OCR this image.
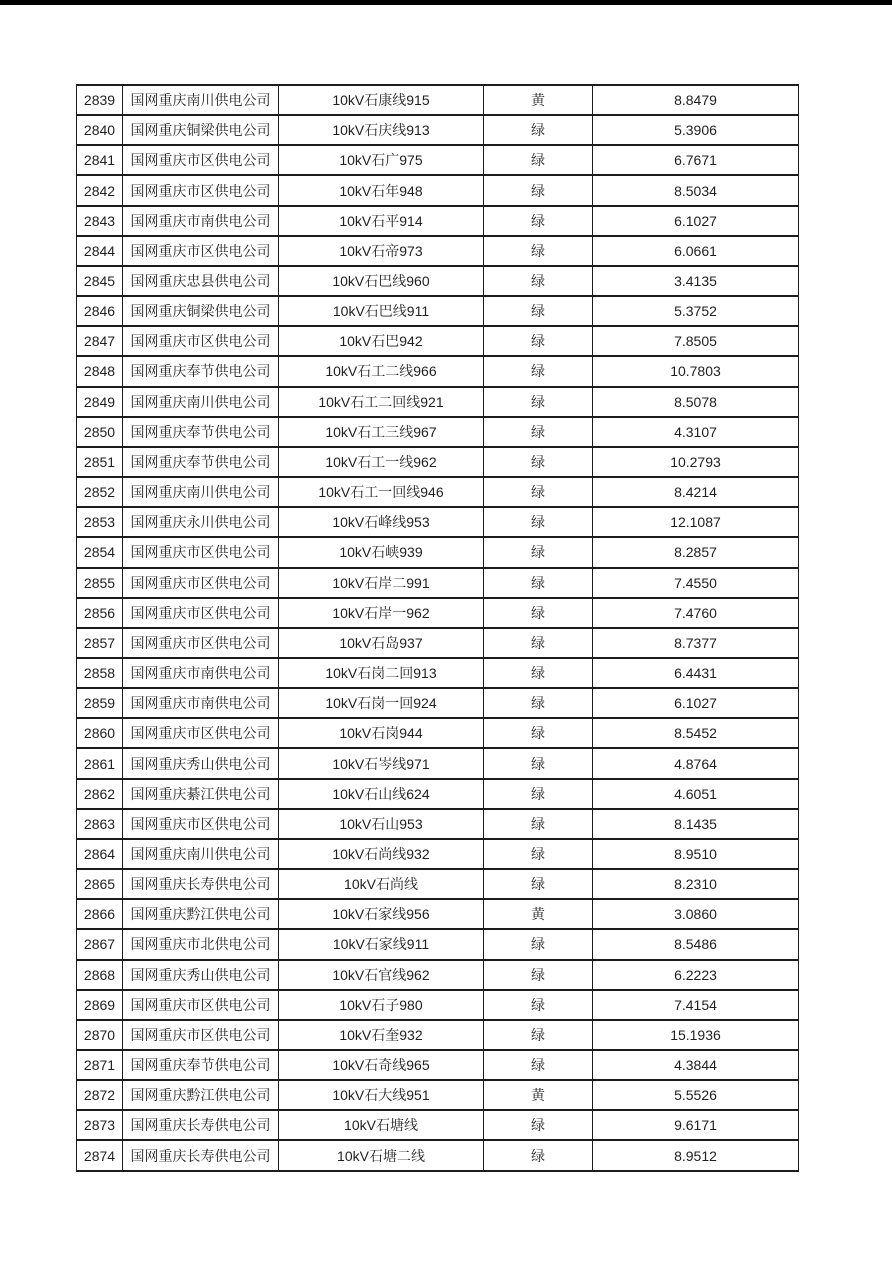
2839	国网重庆南川供电公司	10kV石康线915	黄	8.8479
2840	国网重庆铜梁供电公司	10kV石庆线913	绿	5.3906
2841	国网重庆市区供电公司	10kV石广975	绿	6.7671
2842	国网重庆市区供电公司	10kV石年948	绿	8.5034
2843	国网重庆市南供电公司	10kV石平914	绿	6.1027
2844	国网重庆市区供电公司	10kV石帝973	绿	6.0661
2845	国网重庆忠县供电公司	10kV石巴线960	绿	3.4135
2846	国网重庆铜梁供电公司	10kV石巴线911	绿	5.3752
2847	国网重庆市区供电公司	10kV石巴942	绿	7.8505
2848	国网重庆奉节供电公司	10kV石工二线966	绿	10.7803
2849	国网重庆南川供电公司	10kV石工二回线921	绿	8.5078
2850	国网重庆奉节供电公司	10kV石工三线967	绿	4.3107
2851	国网重庆奉节供电公司	10kV石工一线962	绿	10.2793
2852	国网重庆南川供电公司	10kV石工一回线946	绿	8.4214
2853	国网重庆永川供电公司	10kV石峰线953	绿	12.1087
2854	国网重庆市区供电公司	10kV石峡939	绿	8.2857
2855	国网重庆市区供电公司	10kV石岸二991	绿	7.4550
2856	国网重庆市区供电公司	10kV石岸一962	绿	7.4760
2857	国网重庆市区供电公司	10kV石岛937	绿	8.7377
2858	国网重庆市南供电公司	10kV石岗二回913	绿	6.4431
2859	国网重庆市南供电公司	10kV石岗一回924	绿	6.1027
2860	国网重庆市区供电公司	10kV石岗944	绿	8.5452
2861	国网重庆秀山供电公司	10kV石岑线971	绿	4.8764
2862	国网重庆綦江供电公司	10kV石山线624	绿	4.6051
2863	国网重庆市区供电公司	10kV石山953	绿	8.1435
2864	国网重庆南川供电公司	10kV石尚线932	绿	8.9510
2865	国网重庆长寿供电公司	10kV石尚线	绿	8.2310
2866	国网重庆黔江供电公司	10kV石家线956	黄	3.0860
2867	国网重庆市北供电公司	10kV石家线911	绿	8.5486
2868	国网重庆秀山供电公司	10kV石官线962	绿	6.2223
2869	国网重庆市区供电公司	10kV石子980	绿	7.4154
2870	国网重庆市区供电公司	10kV石奎932	绿	15.1936
2871	国网重庆奉节供电公司	10kV石奇线965	绿	4.3844
2872	国网重庆黔江供电公司	10kV石大线951	黄	5.5526
2873	国网重庆长寿供电公司	10kV石塘线	绿	9.6171
2874	国网重庆长寿供电公司	10kV石塘二线	绿	8.9512
